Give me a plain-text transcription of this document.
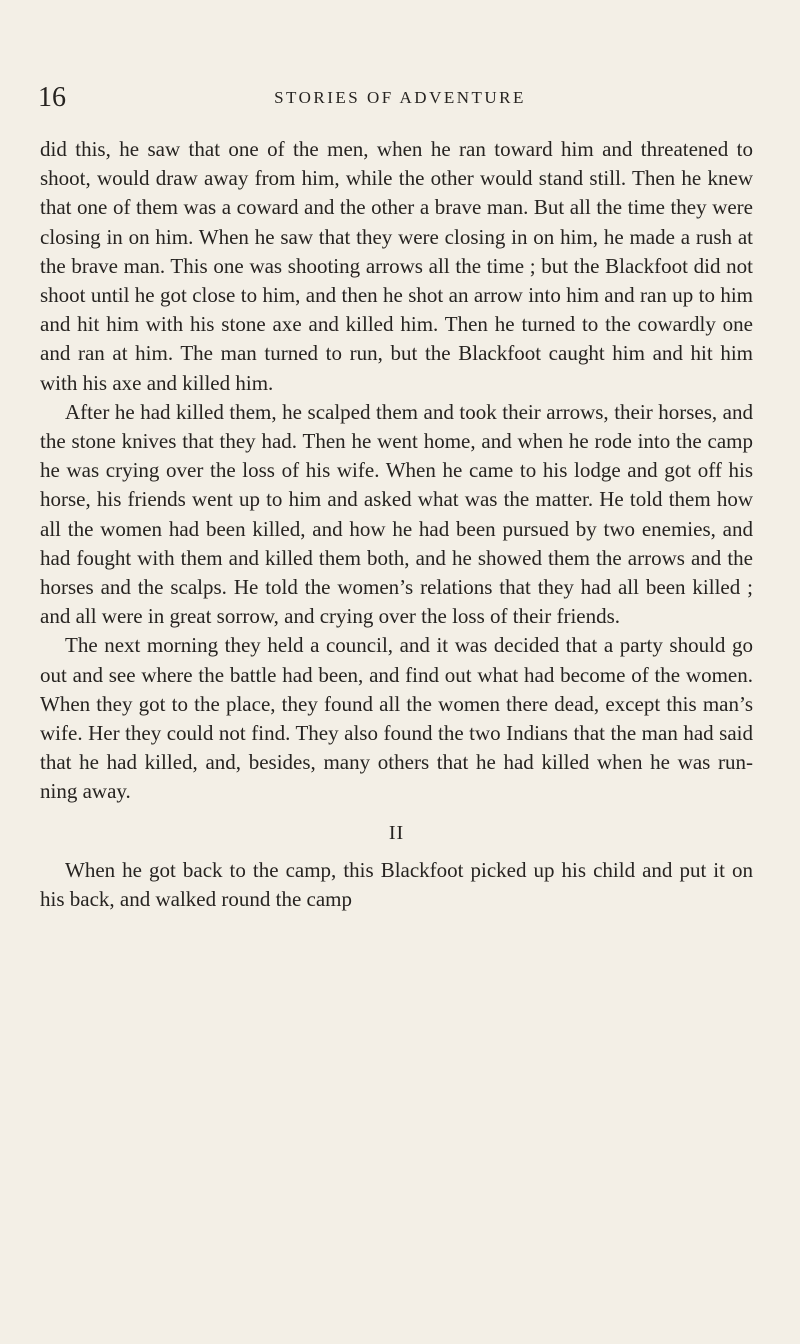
16	STORIES OF ADVENTURE

did this, he saw that one of the men, when he ran toward him and threatened to shoot, would draw away from him, while the other would stand still. Then he knew that one of them was a coward and the other a brave man. But all the time they were closing in on him. When he saw that they were closing in on him, he made a rush at the brave man. This one was shooting arrows all the time ; but the Blackfoot did not shoot until he got close to him, and then he shot an arrow into him and ran up to him and hit him with his stone axe and killed him. Then he turned to the cowardly one and ran at him. The man turned to run, but the Blackfoot caught him and hit him with his axe and killed him.

After he had killed them, he scalped them and took their arrows, their horses, and the stone knives that they had. Then he went home, and when he rode into the camp he was crying over the loss of his wife. When he came to his lodge and got off his horse, his friends went up to him and asked what was the matter. He told them how all the women had been killed, and how he had been pursued by two enemies, and had fought with them and killed them both, and he showed them the arrows and the horses and the scalps. He told the women’s relations that they had all been killed ; and all were in great sorrow, and crying over the loss of their friends.

The next morning they held a council, and it was decided that a party should go out and see where the battle had been, and find out what had become of the women. When they got to the place, they found all the women there dead, except this man’s wife. Her they could not find. They also found the two Indians that the man had said that he had killed, and, besides, many others that he had killed when he was run- ning away.

II

When he got back to the camp, this Blackfoot picked up his child and put it on his back, and walked round the camp
